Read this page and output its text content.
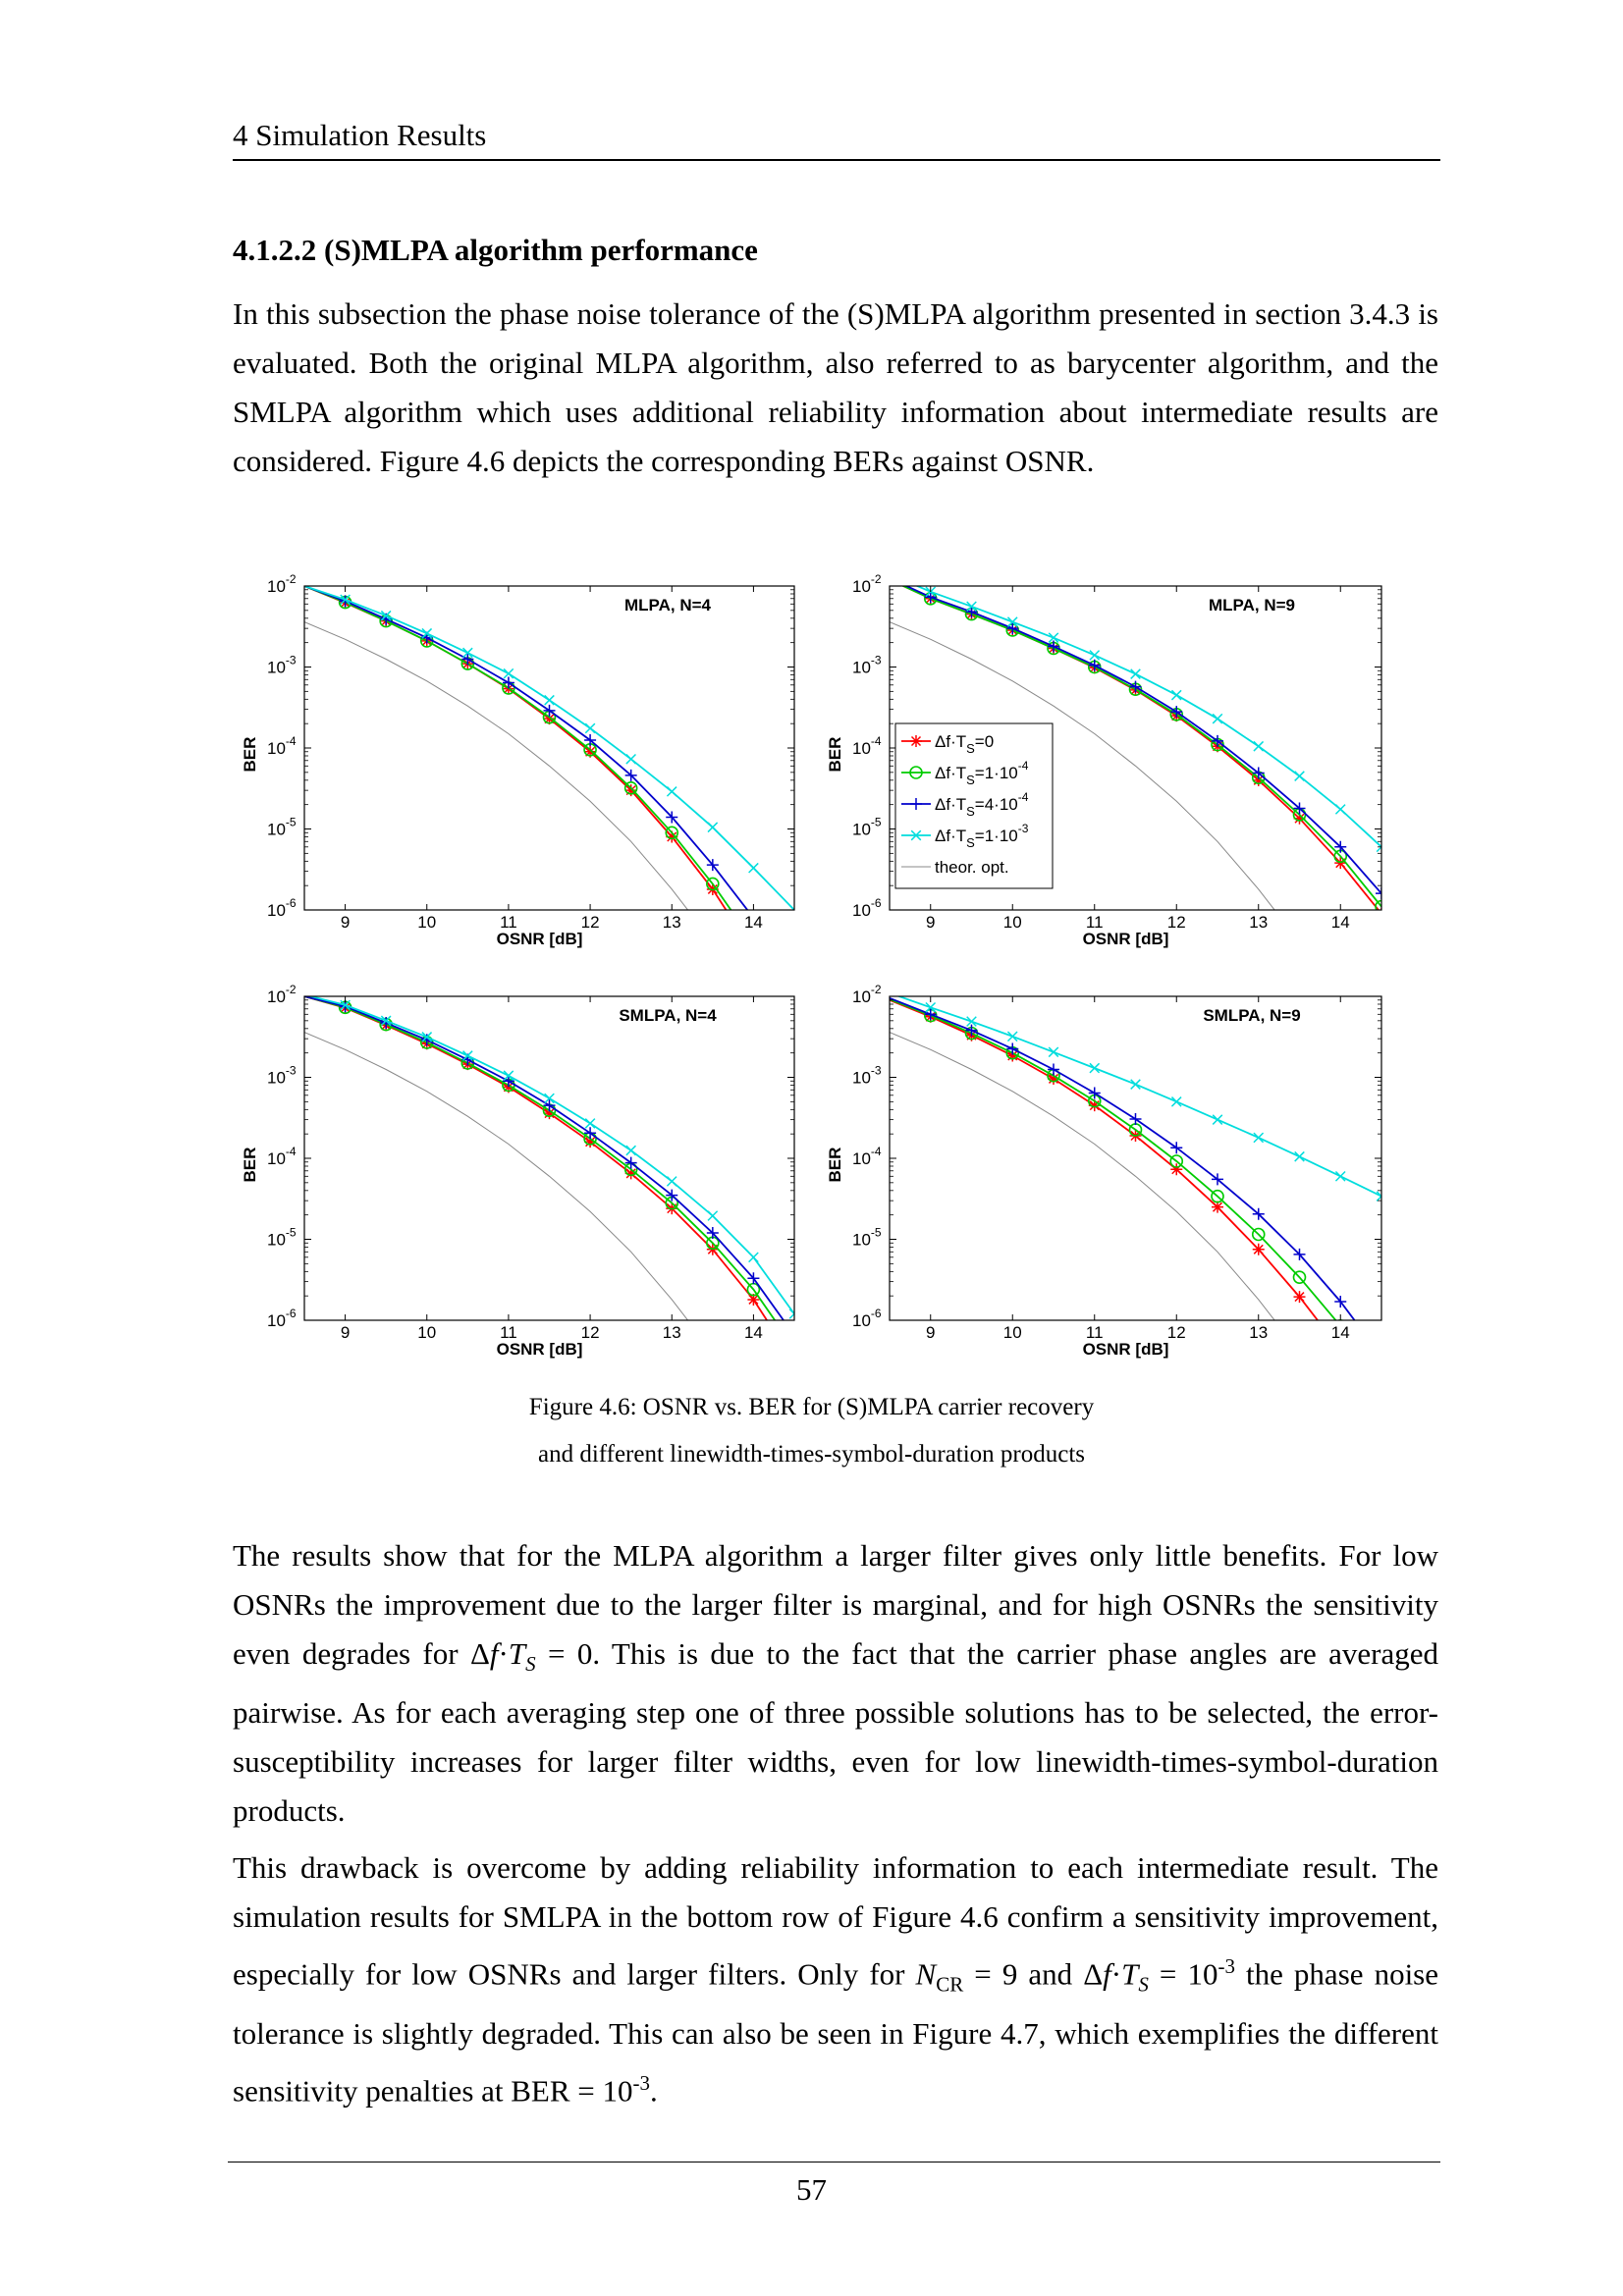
4 Simulation Results
4.1.2.2 (S)MLPA algorithm performance

In this subsection the phase noise tolerance of the (S)MLPA algorithm presented in section 3.4.3 is evaluated. Both the original MLPA algorithm, also referred to as barycenter algorithm, and the SMLPA algorithm which uses additional reliability information about intermediate results are considered. Figure 4.6 depicts the corresponding BERs against OSNR.

9	10	11	12	13	14
$10^{-2}$
$10^{-3}$
$10^{-4}$
$10^{-5}$
$10^{-6}$
MLPA, N=4
OSNR [dB]
BER
9	10	11	12	13	14
$10^{-2}$
$10^{-3}$
$10^{-4}$
$10^{-5}$
$10^{-6}$
MLPA, N=9
OSNR [dB]
BER	$\Delta f\cdot T_S=0$
$\Delta f\cdot T_S=1\cdot 10^{-4}$
$\Delta f\cdot T_S=4\cdot 10^{-4}$
$\Delta f\cdot T_S=1\cdot 10^{-3}$
theor. opt.
9	10	11	12	13	14
$10^{-2}$
$10^{-3}$
$10^{-4}$
$10^{-5}$
$10^{-6}$
SMLPA, N=4
OSNR [dB]
BER
9	10	11	12	13	14
$10^{-2}$
$10^{-3}$
$10^{-4}$
$10^{-5}$
$10^{-6}$
SMLPA, N=9
OSNR [dB]
BER
Figure 4.6: OSNR vs. BER for (S)MLPA carrier recovery
and different linewidth-times-symbol-duration products

The results show that for the MLPA algorithm a larger filter gives only little benefits. For low OSNRs the improvement due to the larger filter is marginal, and for high OSNRs the sensitivity even degrades for $\Delta f\cdot T_S = 0$. This is due to the fact that the carrier phase angles are averaged pairwise. As for each averaging step one of three possible solutions has to be selected, the error-susceptibility increases for larger filter widths, even for low linewidth-times-symbol-duration products.

This drawback is overcome by adding reliability information to each intermediate result. The simulation results for SMLPA in the bottom row of Figure 4.6 confirm a sensitivity improvement, especially for low OSNRs and larger filters. Only for $N_{CR} = 9$ and $\Delta f\cdot T_S = 10^{-3}$ the phase noise tolerance is slightly degraded. This can also be seen in Figure 4.7, which exemplifies the different sensitivity penalties at BER = $10^{-3}$.

57
